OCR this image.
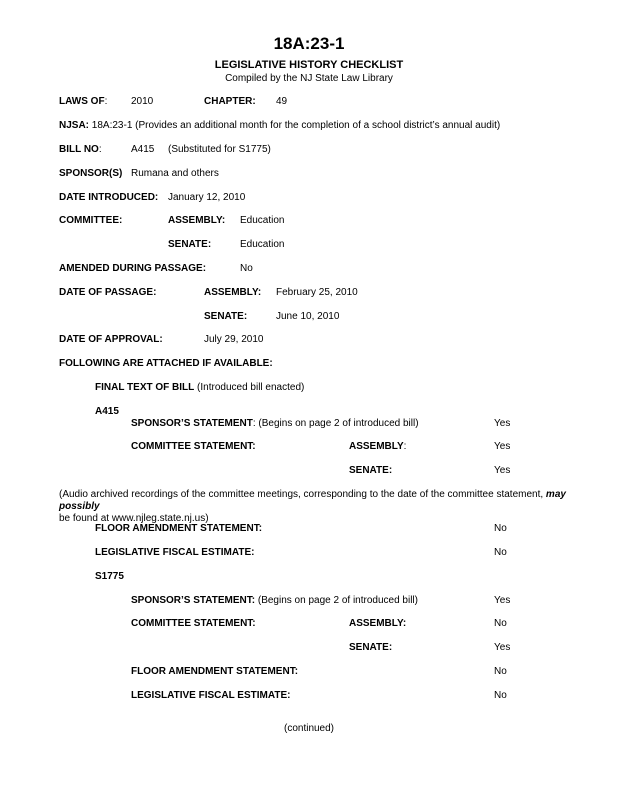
18A:23-1
LEGISLATIVE HISTORY CHECKLIST
Compiled by the NJ State Law Library
LAWS OF: 2010	CHAPTER: 49
NJSA: 18A:23-1 (Provides an additional month for the completion of a school district’s annual audit)
BILL NO:	A415 (Substituted for S1775)
SPONSOR(S) Rumana and others
DATE INTRODUCED: January 12, 2010
COMMITTEE:	ASSEMBLY: Education
SENATE:	Education
AMENDED DURING PASSAGE:	No
DATE OF PASSAGE:	ASSEMBLY: February 25, 2010
SENATE:	June 10, 2010
DATE OF APPROVAL:	July 29, 2010
FOLLOWING ARE ATTACHED IF AVAILABLE:
FINAL TEXT OF BILL (Introduced bill enacted)
A415
SPONSOR’S STATEMENT: (Begins on page 2 of introduced bill)	Yes
COMMITTEE STATEMENT:	ASSEMBLY:	Yes
SENATE:	Yes
(Audio archived recordings of the committee meetings, corresponding to the date of the committee statement, may possibly
be found at www.njleg.state.nj.us)
FLOOR AMENDMENT STATEMENT:	No
LEGISLATIVE FISCAL ESTIMATE:	No
S1775
SPONSOR’S STATEMENT: (Begins on page 2 of introduced bill)	Yes
COMMITTEE STATEMENT:	ASSEMBLY:	No
SENATE:	Yes
FLOOR AMENDMENT STATEMENT:	No
LEGISLATIVE FISCAL ESTIMATE:	No
(continued)
